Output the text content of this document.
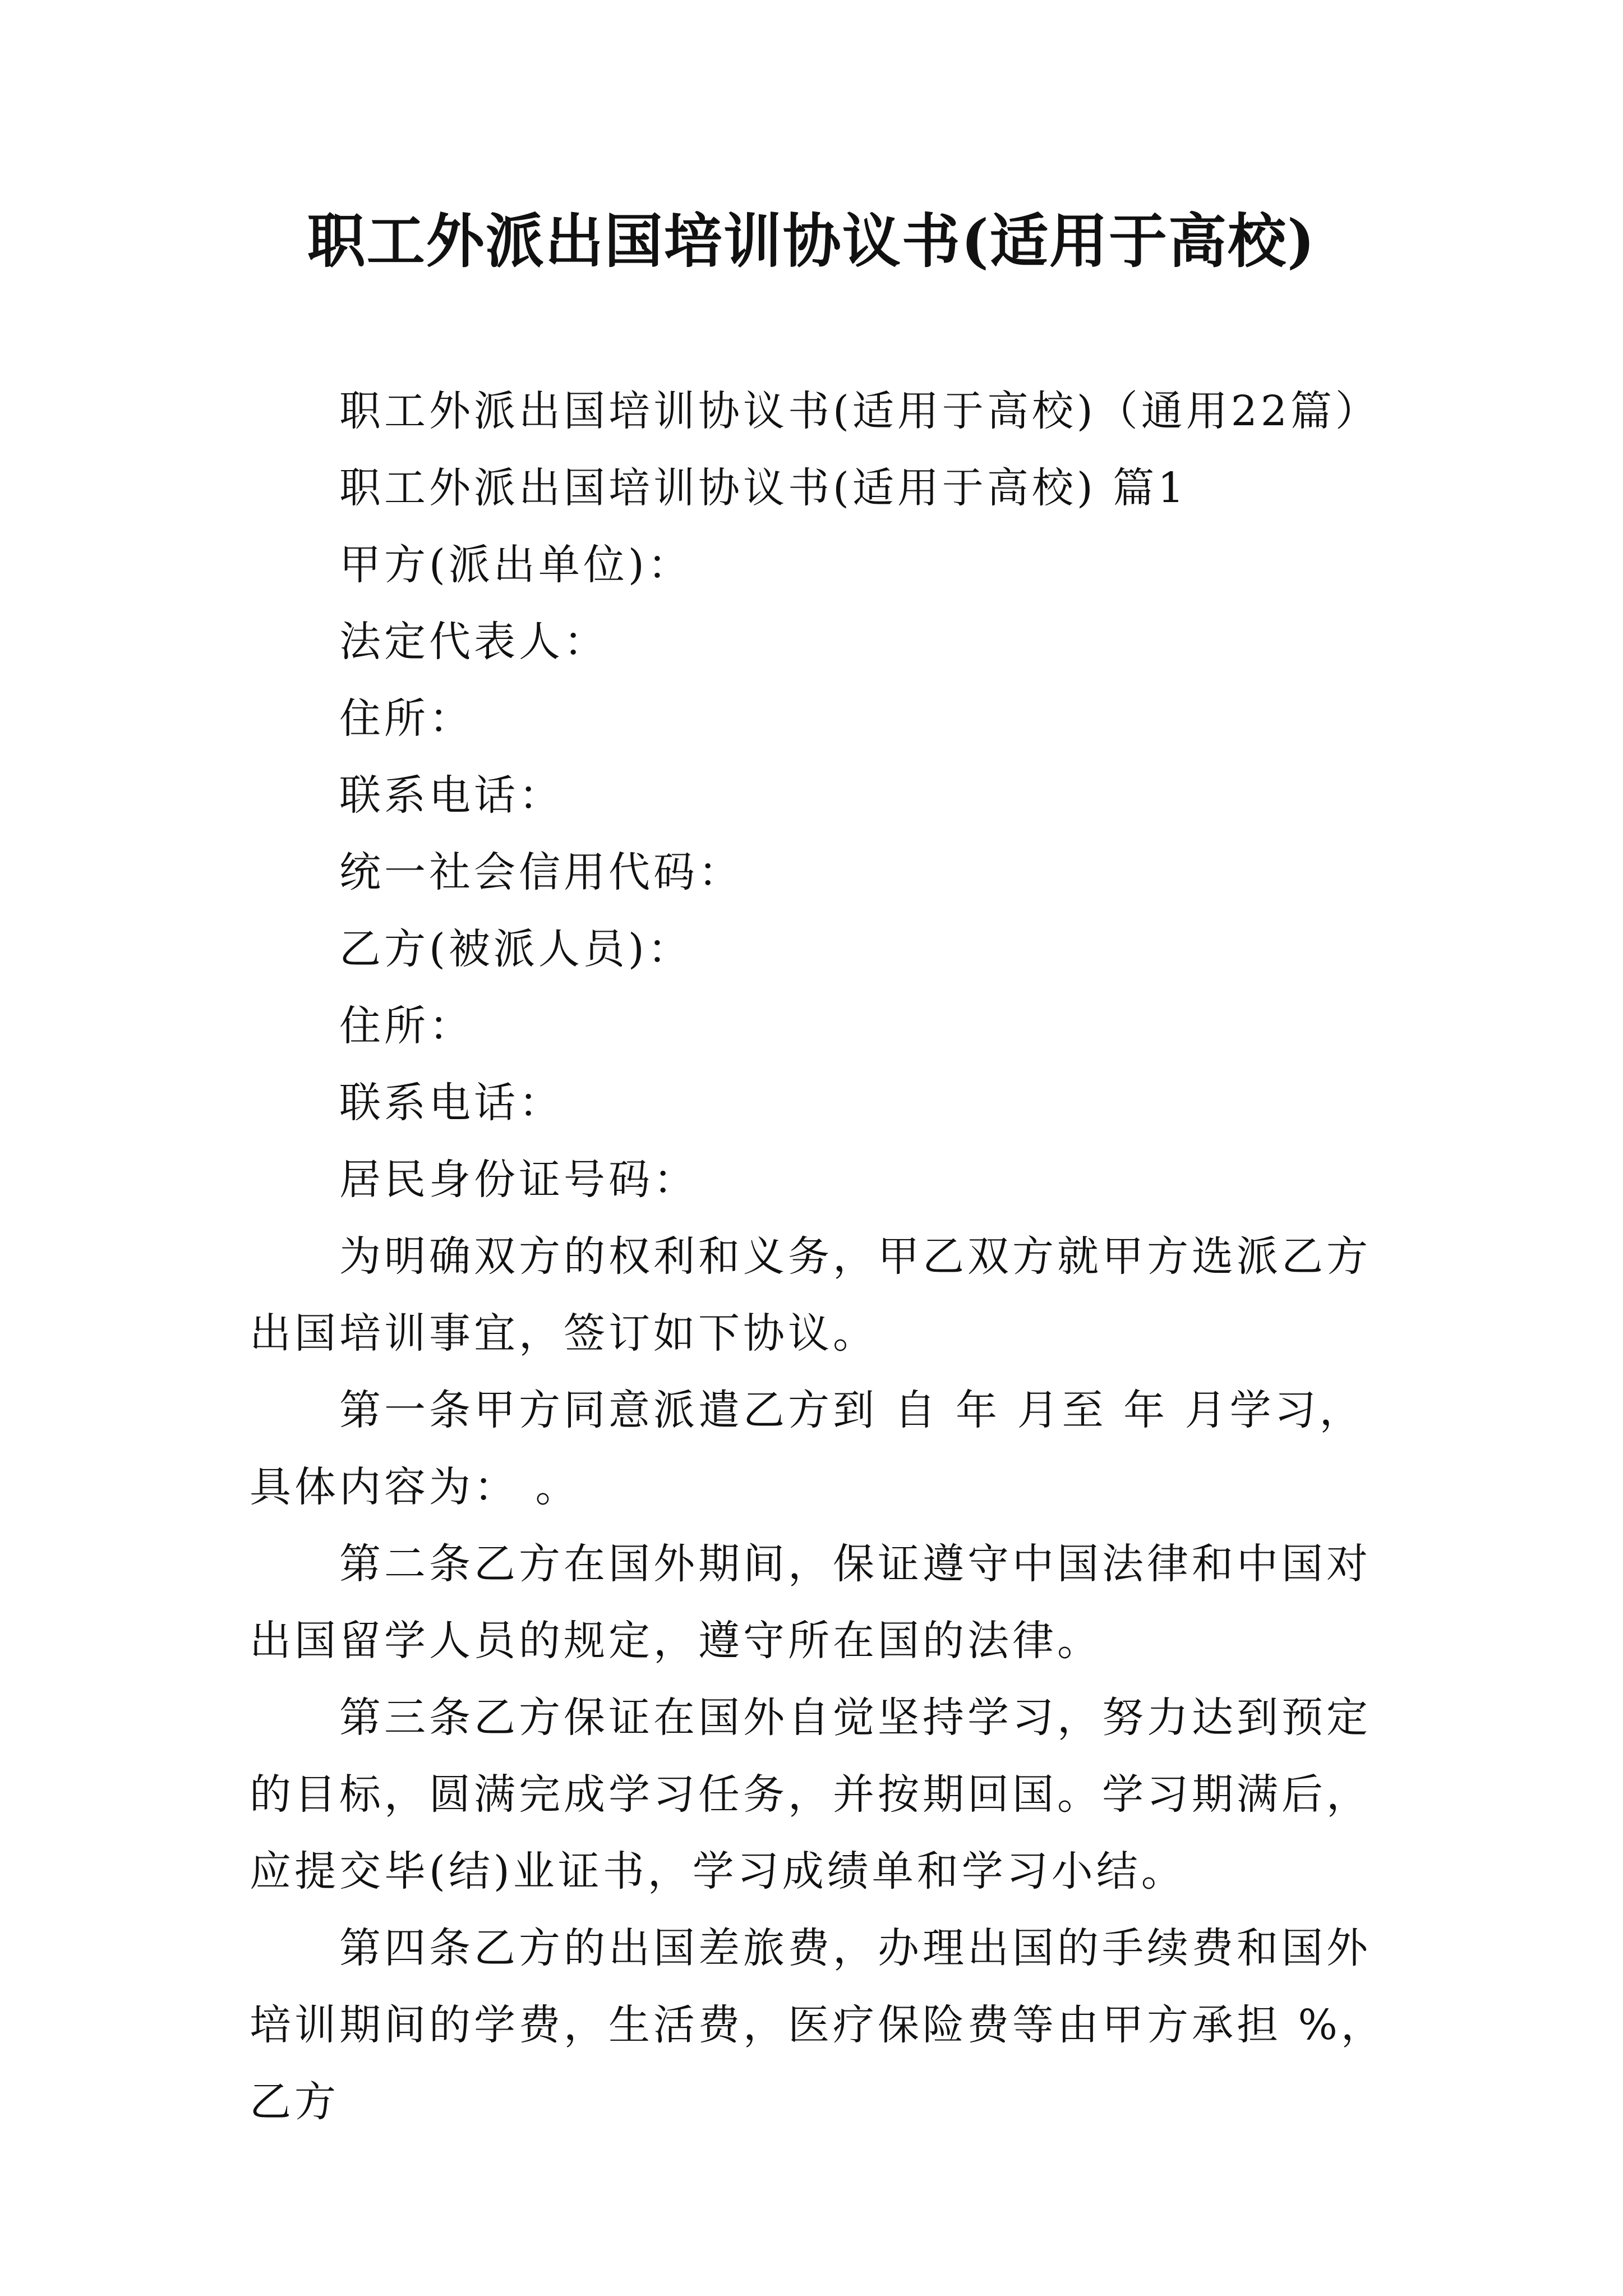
职工外派出国培训协议书(适用于高校)

职工外派出国培训协议书(适用于高校)（通用22篇）

职工外派出国培训协议书(适用于高校) 篇1

甲方(派出单位)：

法定代表人：

住所：

联系电话：

统一社会信用代码：

乙方(被派人员)：

住所：

联系电话：

居民身份证号码：

为明确双方的权利和义务，甲乙双方就甲方选派乙方出国培训事宜，签订如下协议。

第一条甲方同意派遣乙方到 自 年 月至 年 月学习，具体内容为： 。

第二条乙方在国外期间，保证遵守中国法律和中国对出国留学人员的规定，遵守所在国的法律。

第三条乙方保证在国外自觉坚持学习，努力达到预定的目标，圆满完成学习任务，并按期回国。学习期满后，应提交毕(结)业证书，学习成绩单和学习小结。

第四条乙方的出国差旅费，办理出国的手续费和国外培训期间的学费，生活费，医疗保险费等由甲方承担 %，乙方
